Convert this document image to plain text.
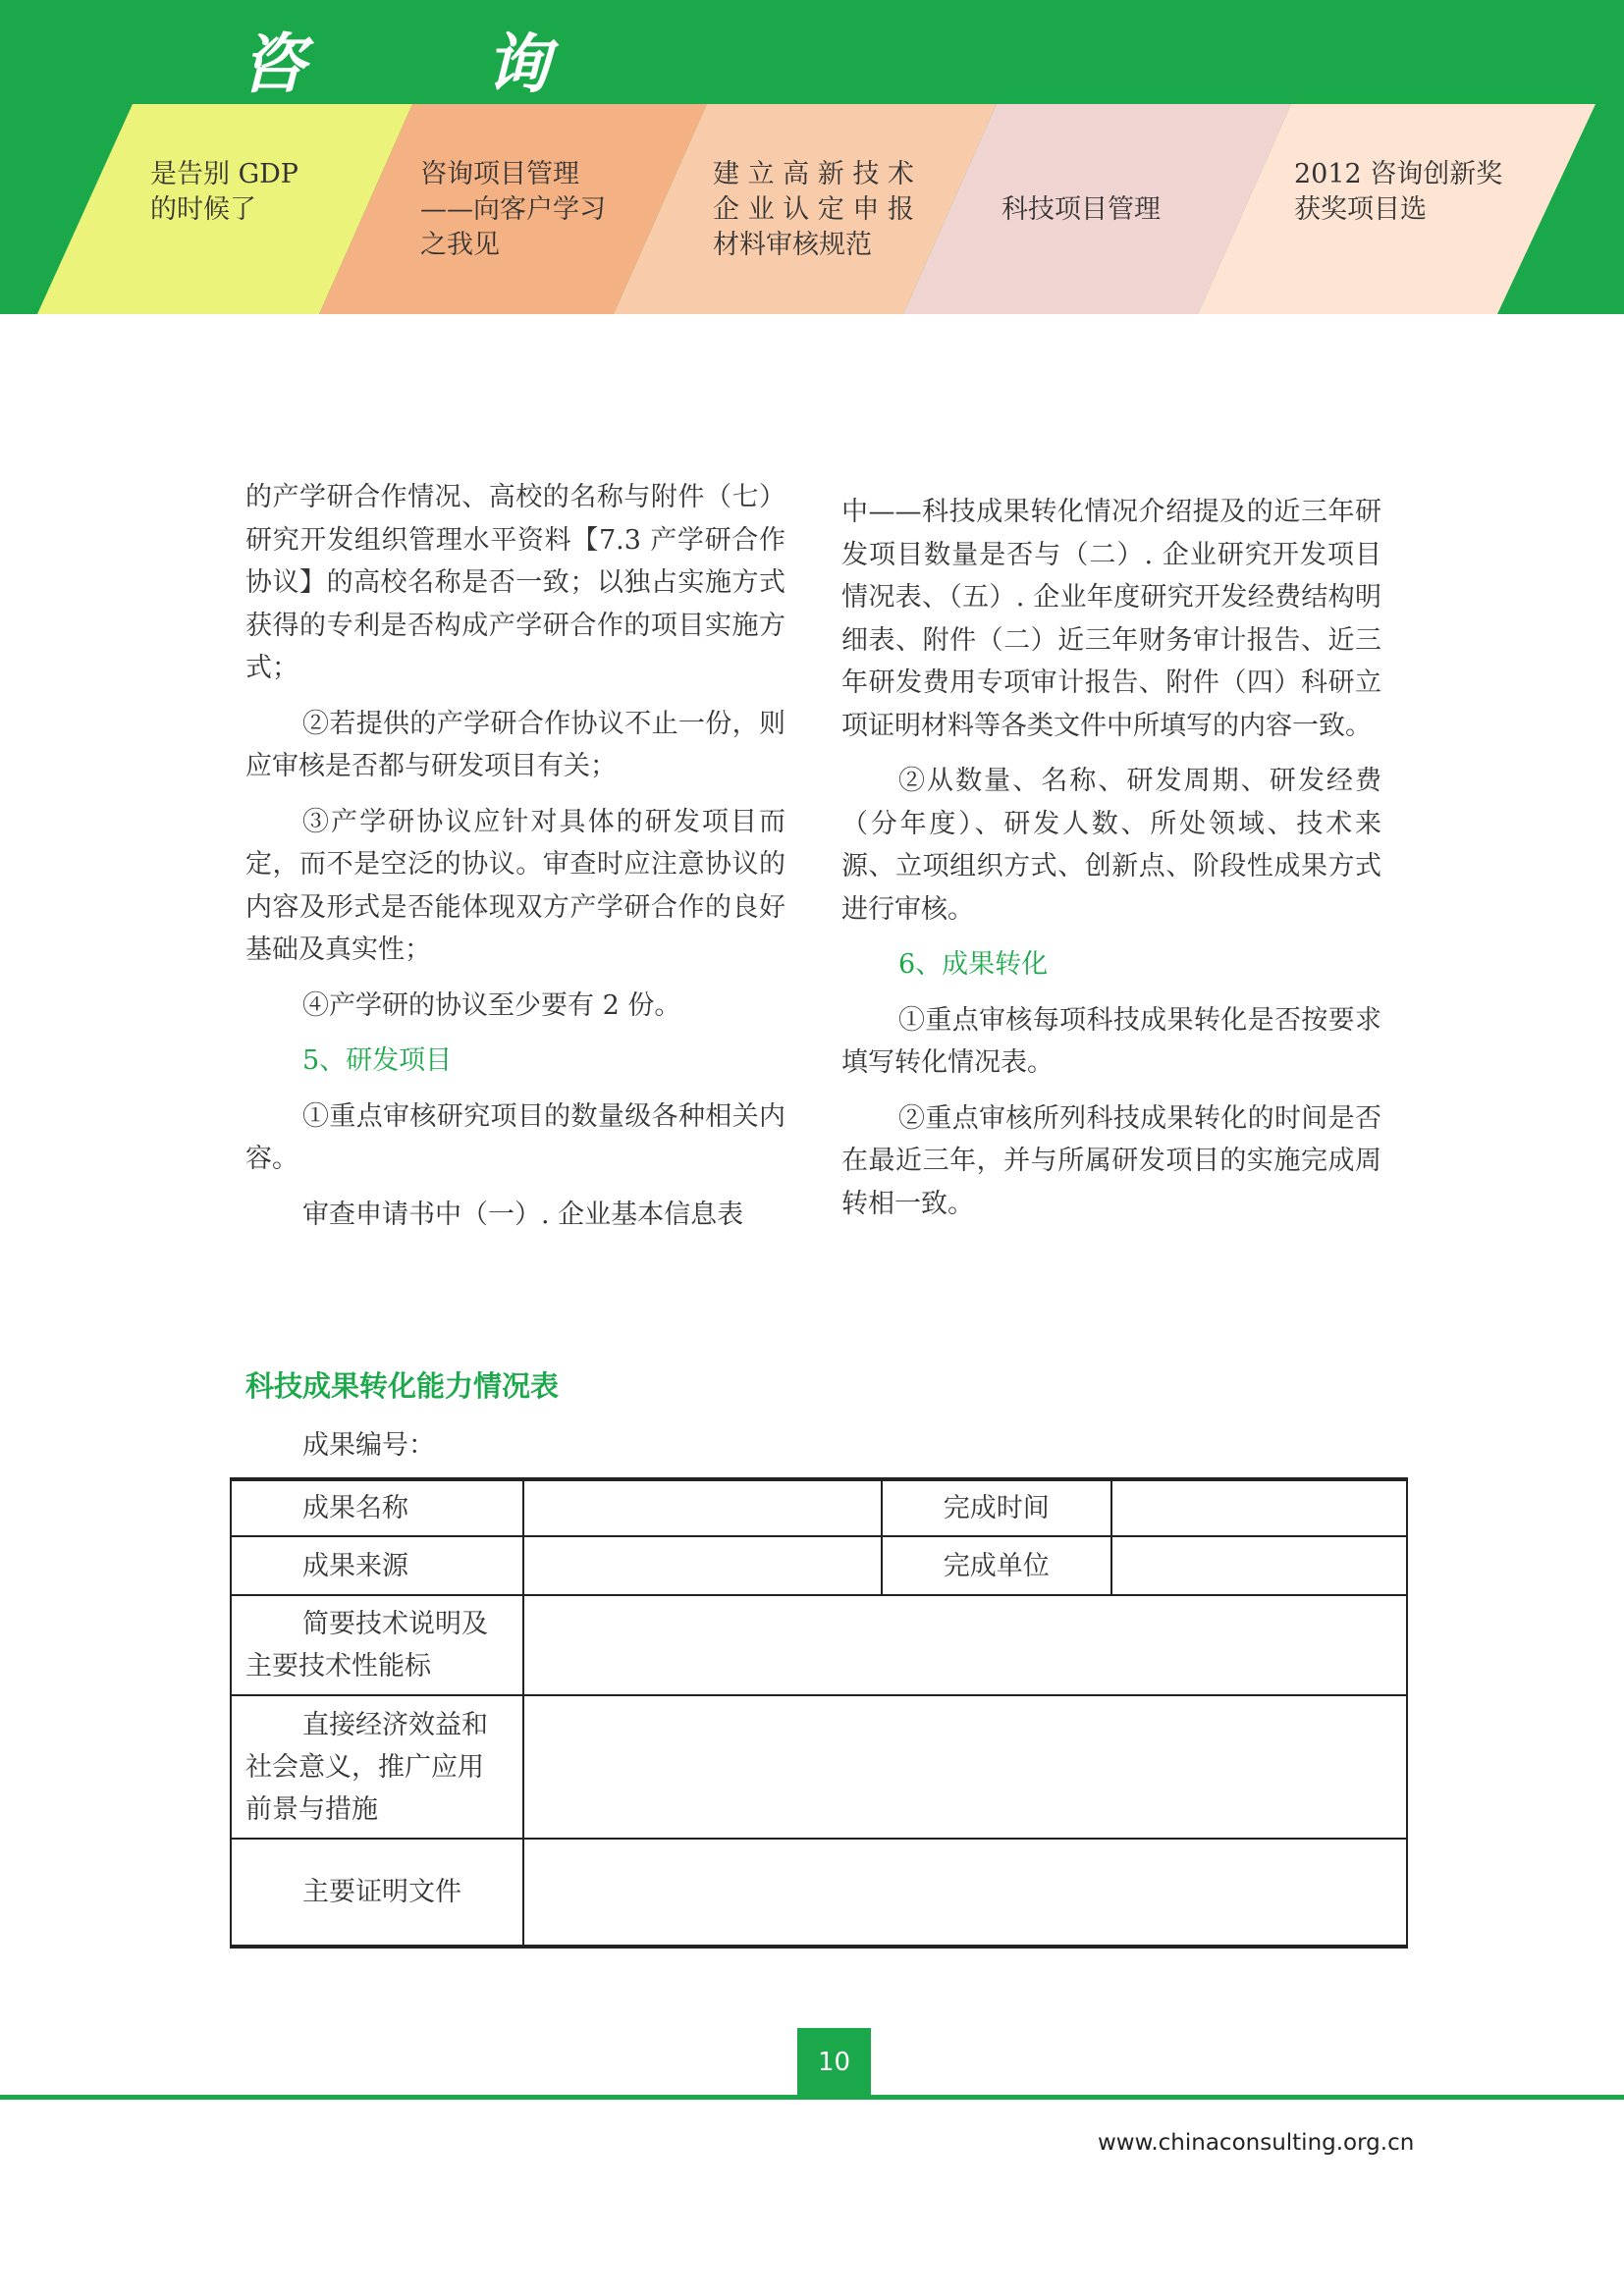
咨 询
是告别 GDP
的时候了
咨询项目管理
——向客户学习
之我见
建 立 高 新 技 术
企 业 认 定 申 报
材料审核规范
科技项目管理
2012 咨询创新奖
获奖项目选

的产学研合作情况、高校的名称与附件（七）研究开发组织管理水平资料【7.3 产学研合作协议】的高校名称是否一致；以独占实施方式获得的专利是否构成产学研合作的项目实施方式；

②若提供的产学研合作协议不止一份，则应审核是否都与研发项目有关；

③产学研协议应针对具体的研发项目而定，而不是空泛的协议。审查时应注意协议的内容及形式是否能体现双方产学研合作的良好基础及真实性；

④产学研的协议至少要有 2 份。

5、研发项目

①重点审核研究项目的数量级各种相关内容。

审查申请书中（一）. 企业基本信息表

中——科技成果转化情况介绍提及的近三年研发项目数量是否与（二）. 企业研究开发项目情况表、（五）. 企业年度研究开发经费结构明细表、附件（二）近三年财务审计报告、近三年研发费用专项审计报告、附件（四）科研立项证明材料等各类文件中所填写的内容一致。

②从数量、名称、研发周期、研发经费（分年度）、研发人数、所处领域、技术来源、立项组织方式、创新点、阶段性成果方式进行审核。

6、成果转化

①重点审核每项科技成果转化是否按要求填写转化情况表。

②重点审核所列科技成果转化的时间是否在最近三年，并与所属研发项目的实施完成周转相一致。

科技成果转化能力情况表
成果编号：
成果名称		完成时间	
成果来源		完成单位	
简要技术说明及主要技术性能标			
直接经济效益和社会意义，推广应用前景与措施			
主要证明文件			
10
www.chinaconsulting.org.cn
